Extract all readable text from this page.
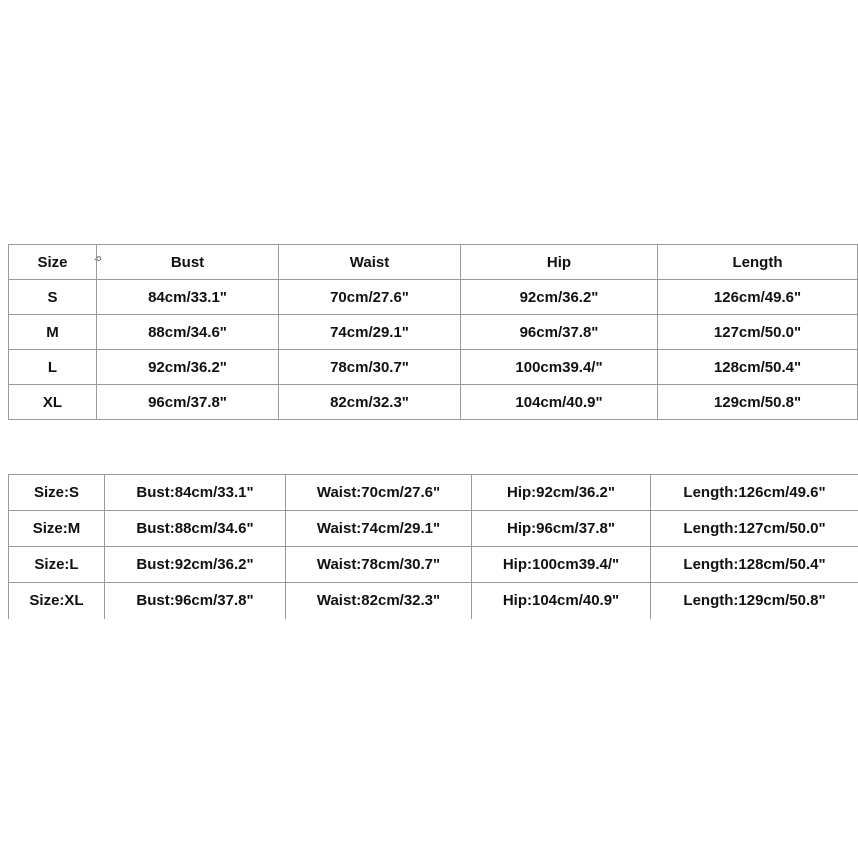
ꝺ
Size	Bust	Waist	Hip	Length
S	84cm/33.1"	70cm/27.6"	92cm/36.2"	126cm/49.6"
M	88cm/34.6"	74cm/29.1"	96cm/37.8"	127cm/50.0"
L	92cm/36.2"	78cm/30.7"	100cm39.4/"	128cm/50.4"
XL	96cm/37.8"	82cm/32.3"	104cm/40.9"	129cm/50.8"
Size:S	Bust:84cm/33.1"	Waist:70cm/27.6"	Hip:92cm/36.2"	Length:126cm/49.6"
Size:M	Bust:88cm/34.6"	Waist:74cm/29.1"	Hip:96cm/37.8"	Length:127cm/50.0"
Size:L	Bust:92cm/36.2"	Waist:78cm/30.7"	Hip:100cm39.4/"	Length:128cm/50.4"
Size:XL	Bust:96cm/37.8"	Waist:82cm/32.3"	Hip:104cm/40.9"	Length:129cm/50.8"
